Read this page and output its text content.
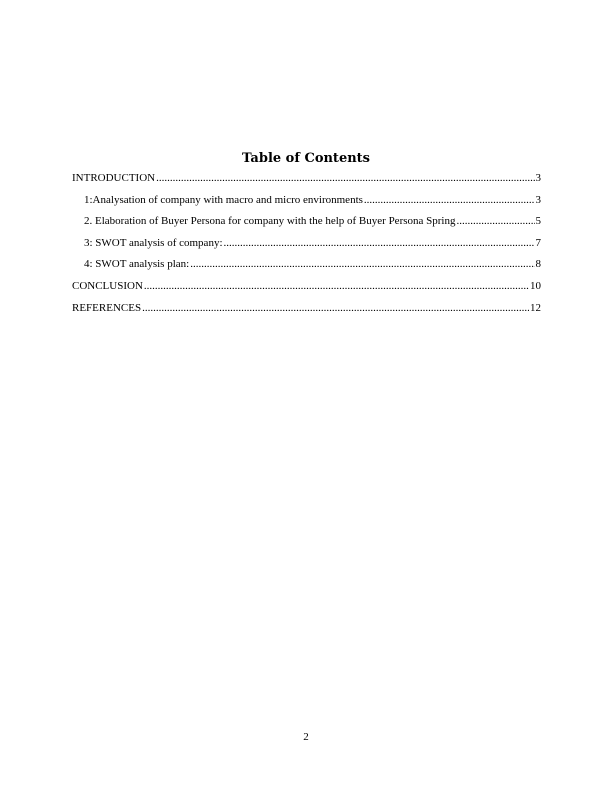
Table of Contents
INTRODUCTION .....	3
1:Analysation of company with macro and micro environments .....	3
2. Elaboration of Buyer Persona for company with the help of Buyer Persona Spring .....	5
3: SWOT analysis of company: .....	7
4: SWOT analysis plan: .....	8
CONCLUSION .....	10
REFERENCES .....	12
2
